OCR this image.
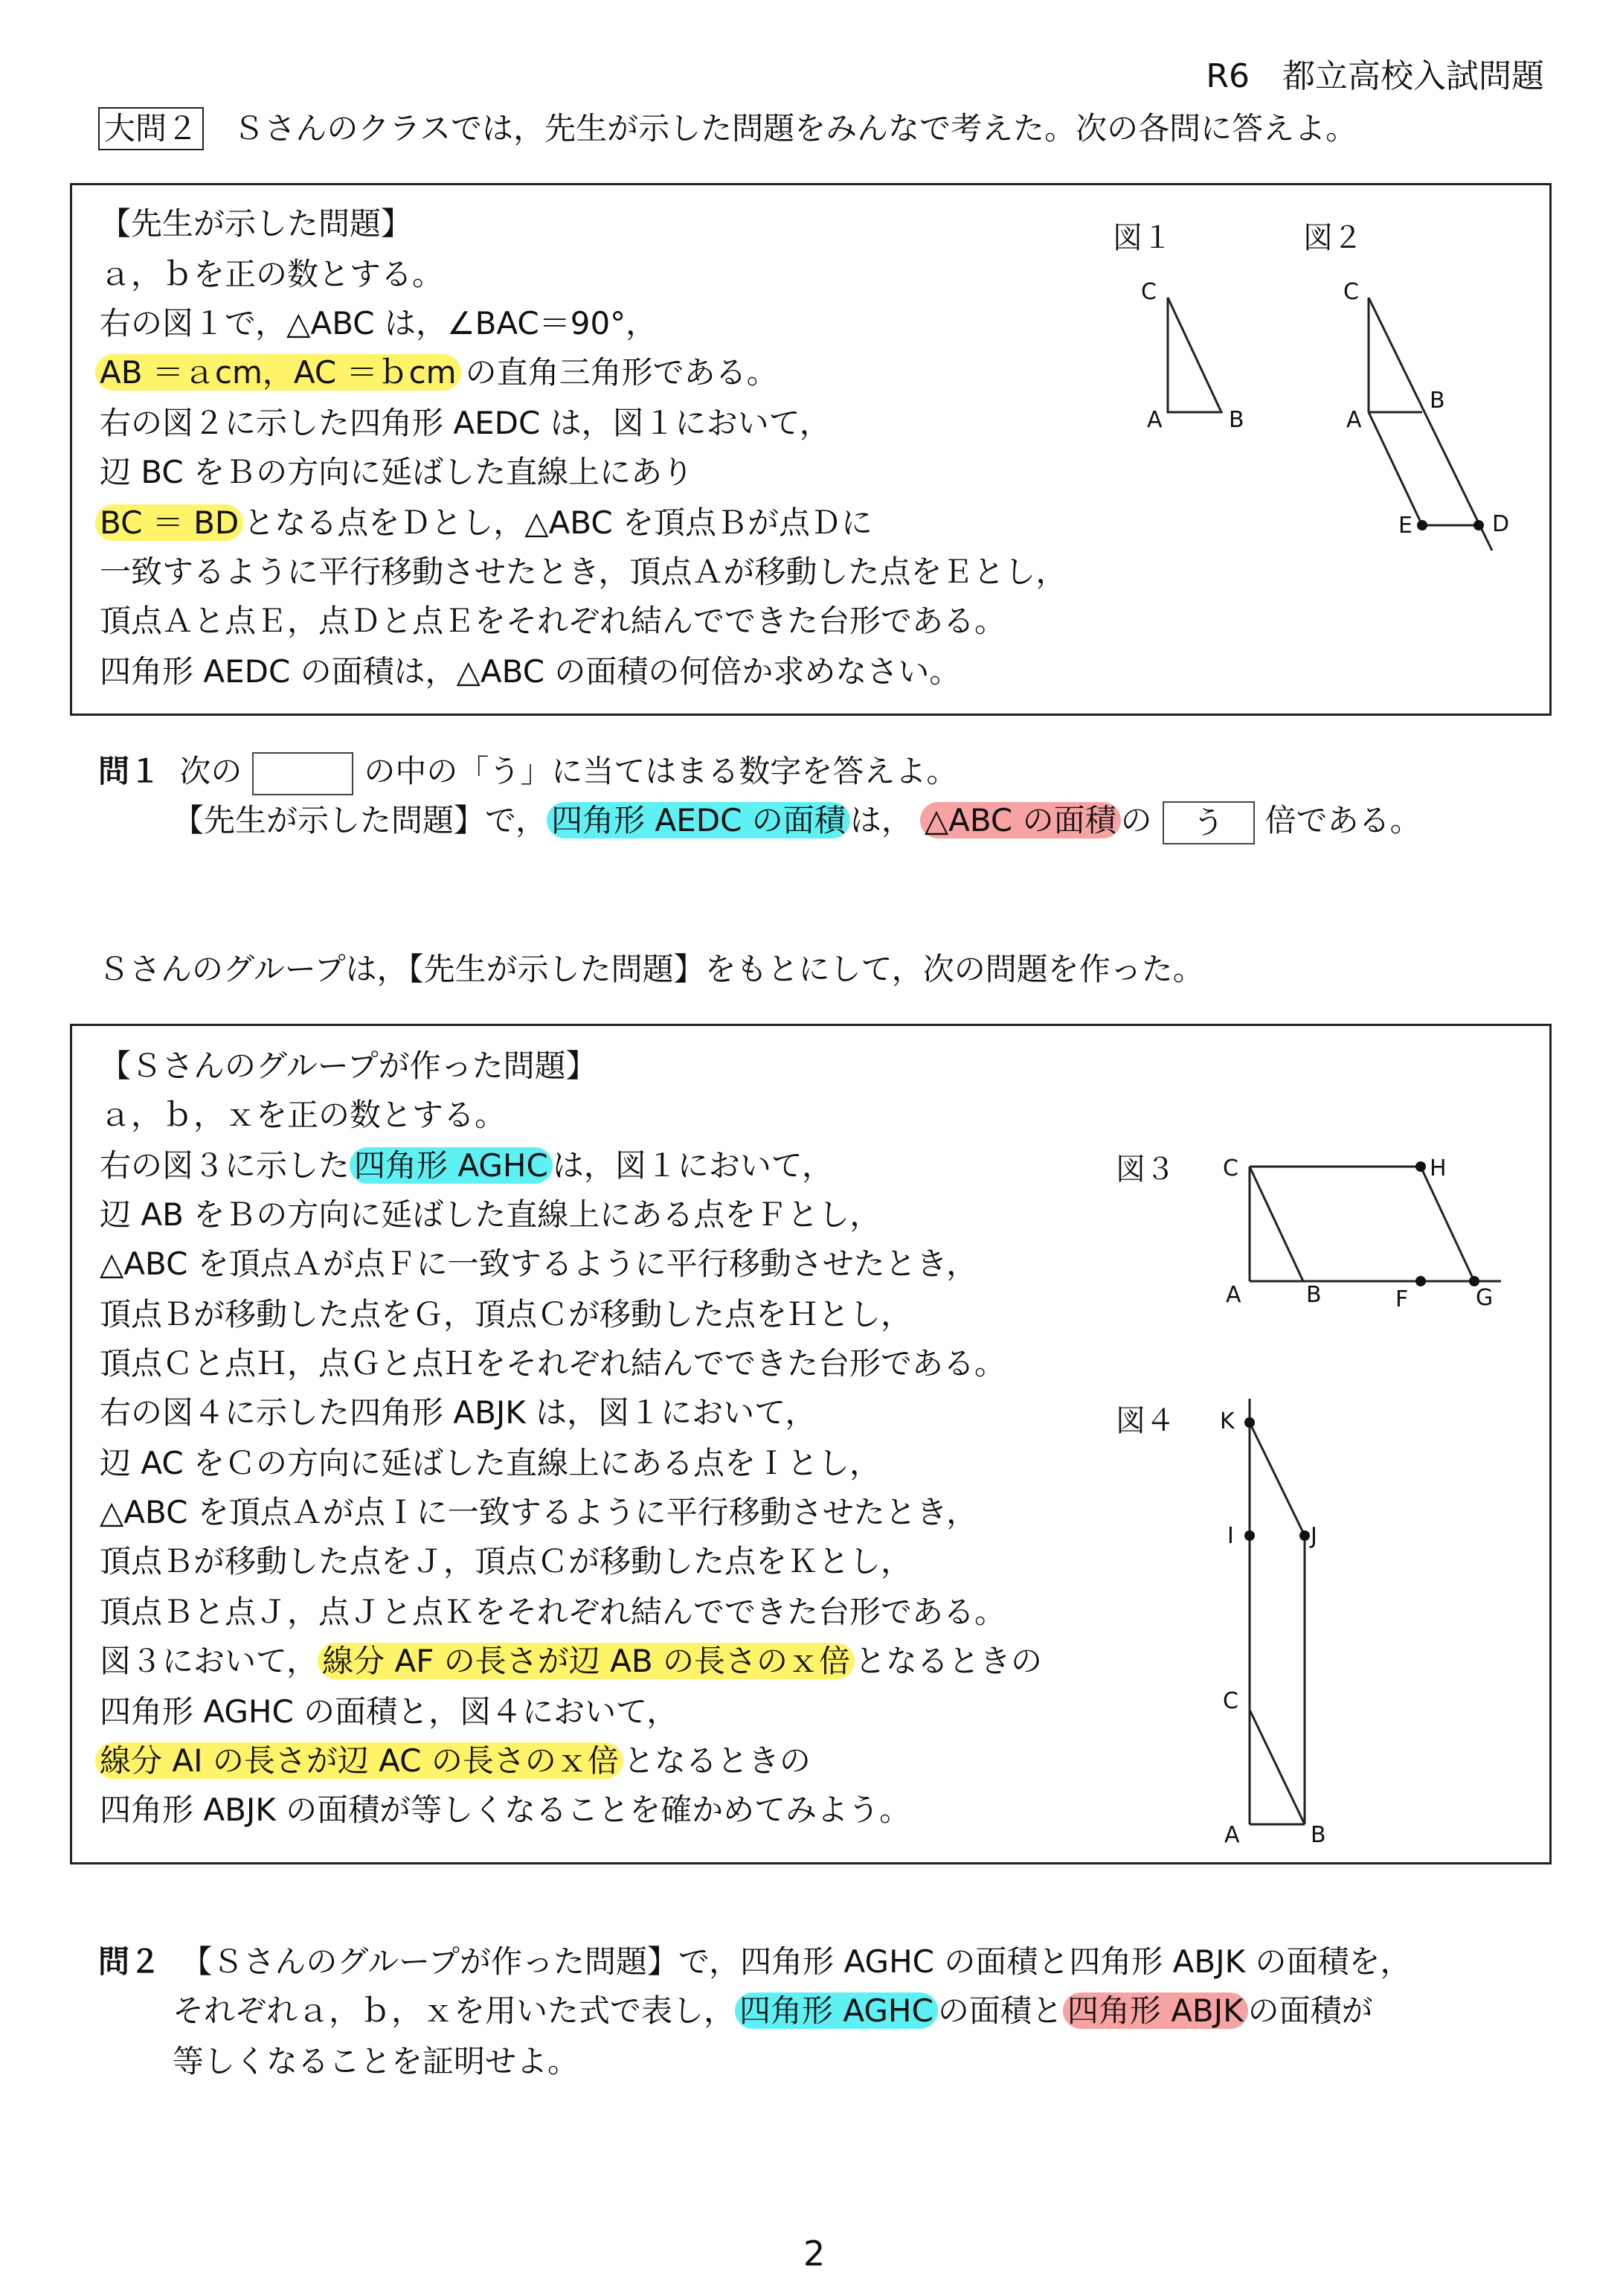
R6　都立高校入試問題
大問２ Ｓさんのクラスでは，先生が示した問題をみんなで考えた。次の各問に答えよ。
【先生が示した問題】
ａ，ｂを正の数とする。
右の図１で，△ABC は，∠BAC＝90°，
AB ＝ａcm，AC ＝ｂcm の直角三角形である。
右の図２に示した四角形 AEDC は，図１において，
辺 BC をＢの方向に延ばした直線上にあり
BC ＝ BD となる点をＤとし，△ABC を頂点Ｂが点Ｄに
一致するように平行移動させたとき，頂点Ａが移動した点をＥとし，
頂点Ａと点Ｅ，点Ｄと点Ｅをそれぞれ結んでできた台形である。
四角形 AEDC の面積は，△ABC の面積の何倍か求めなさい。
図１	図２
C
A	B
C
A
B
E	D
C	H
A	B	F	G
K
I	J
C
A	B
問１ 次の	の中の「う」に当てはまる数字を答えよ。
【先生が示した問題】で， 四角形 AEDC の面積 は， △ABC の面積 の う 倍である。
Ｓさんのグループは，【先生が示した問題】をもとにして，次の問題を作った。
【Ｓさんのグループが作った問題】
ａ，ｂ，ｘを正の数とする。
右の図３に示した 四角形 AGHC は，図１において，
辺 AB をＢの方向に延ばした直線上にある点をＦとし，
△ABC を頂点Ａが点Ｆに一致するように平行移動させたとき，
頂点Ｂが移動した点をＧ，頂点Ｃが移動した点をＨとし，
頂点Ｃと点Ｈ，点Ｇと点Ｈをそれぞれ結んでできた台形である。
右の図４に示した四角形 ABJK は，図１において，
辺 AC をＣの方向に延ばした直線上にある点をＩとし，
△ABC を頂点Ａが点Ｉに一致するように平行移動させたとき，
頂点Ｂが移動した点をＪ，頂点Ｃが移動した点をＫとし，
頂点Ｂと点Ｊ，点Ｊと点Ｋをそれぞれ結んでできた台形である。
図３において， 線分 AF の長さが辺 AB の長さのｘ倍 となるときの
四角形 AGHC の面積と，図４において，
線分 AI の長さが辺 AC の長さのｘ倍 となるときの
四角形 ABJK の面積が等しくなることを確かめてみよう。
図３
図４
問２ 【Ｓさんのグループが作った問題】で，四角形 AGHC の面積と四角形 ABJK の面積を，
それぞれａ，ｂ，ｘを用いた式で表し， 四角形 AGHC の面積と 四角形 ABJK の面積が
等しくなることを証明せよ。
2
